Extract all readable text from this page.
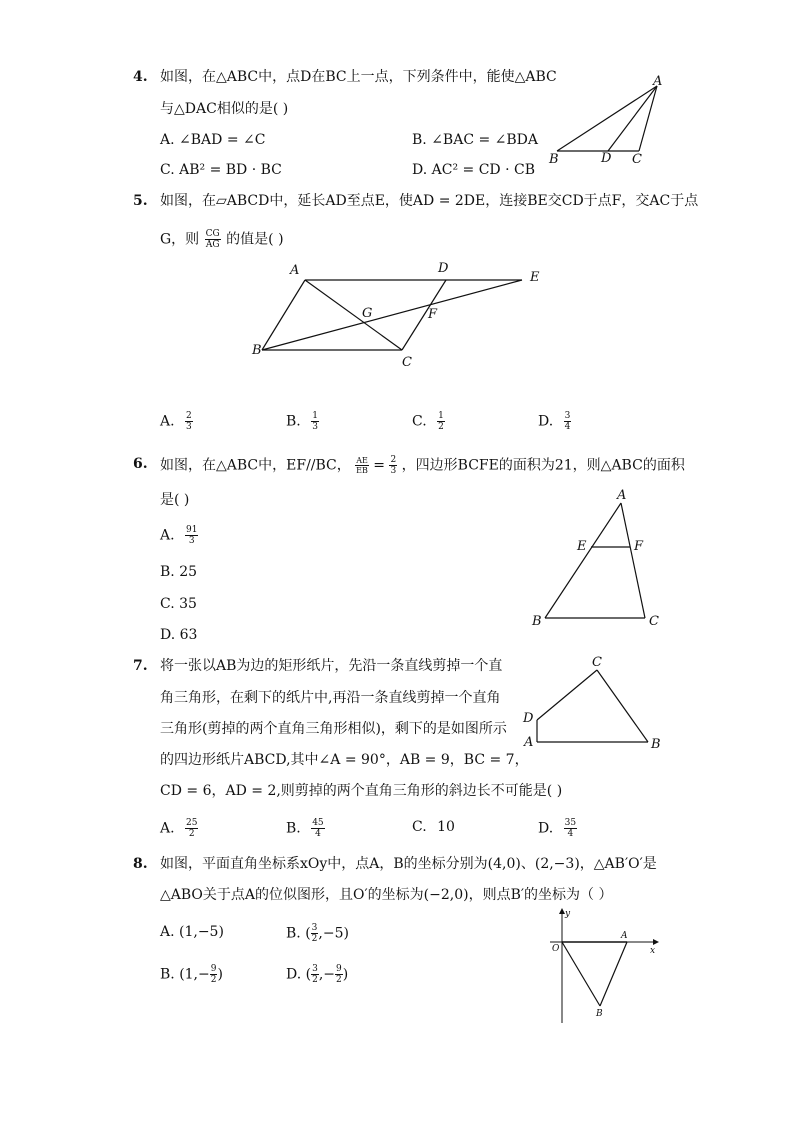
4. 如图，在△ABC中，点D在BC上一点，下列条件中，能使△ABC
与△DAC相似的是( )
A. ∠BAD = ∠C	B. ∠BAC = ∠BDA
C. AB² = BD · BC	D. AC² = CD · CB
A
B	D C
5. 如图，在▱ABCD中，延长AD至点E，使AD = 2DE，连接BE交CD于点F，交AC于点
G，则 $\frac{CG}{AG}$ 的值是( )
A	D
E
G	F
B
C
A. $\frac{2}{3}$	B. $\frac{1}{3}$	C. $\frac{1}{2}$	D. $\frac{3}{4}$
6. 如图，在△ABC中，EF//BC， $\frac{AE}{EB} = \frac{2}{3}$ ，四边形BCFE的面积为21，则△ABC的面积
是( )
A. $\frac{91}{3}$
B. 25
C. 35
D. 63
A
E	F
B	C
7. 将一张以AB为边的矩形纸片，先沿一条直线剪掉一个直
角三角形，在剩下的纸片中,再沿一条直线剪掉一个直角
三角形(剪掉的两个直角三角形相似)，剩下的是如图所示
的四边形纸片ABCD,其中∠A = 90°，AB = 9，BC = 7，
CD = 6，AD = 2,则剪掉的两个直角三角形的斜边长不可能是( )
C
D
A	B
A. $\frac{25}{2}$	B. $\frac{45}{4}$	C. 10	D. $\frac{35}{4}$
8. 如图，平面直角坐标系xOy中，点A，B的坐标分别为(4,0)、(2,−3)，△AB′O′是
△ABO关于点A的位似图形，且O′的坐标为(−2,0)，则点B′的坐标为（ ）
A. (1,−5)	B. ( $\frac{3}{2} ,-5$)
B. ($1,- \frac{9}{2}$ )	D. ( $\frac{3}{2}$ ,− $\frac{9}{2}$ )
y
O
A
x
B
